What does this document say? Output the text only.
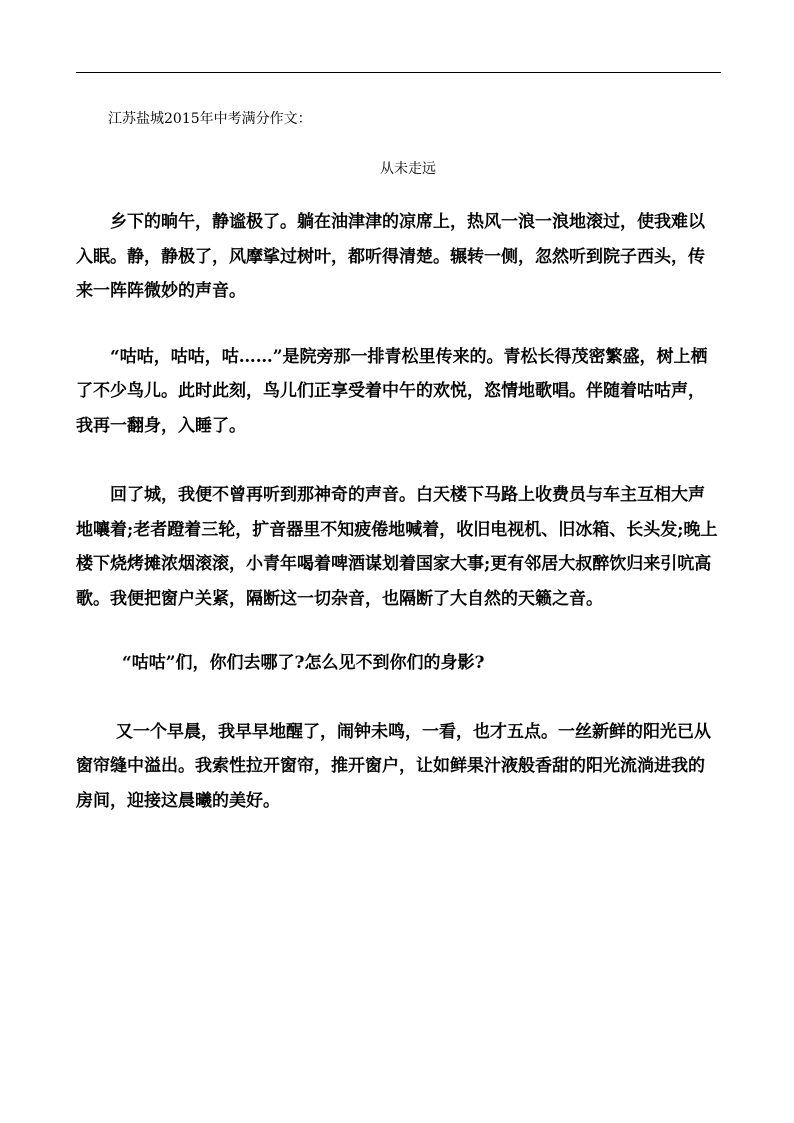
江苏盐城2015年中考满分作文：

从未走远

乡下的晌午，静谧极了。躺在油津津的凉席上，热风一浪一浪地滚过，使我难以入眠。静，静极了，风摩挲过树叶，都听得清楚。辗转一侧，忽然听到院子西头，传来一阵阵微妙的声音。

“咕咕，咕咕，咕……”是院旁那一排青松里传来的。青松长得茂密繁盛，树上栖了不少鸟儿。此时此刻，鸟儿们正享受着中午的欢悦，恣情地歌唱。伴随着咕咕声，我再一翻身，入睡了。

回了城，我便不曾再听到那神奇的声音。白天楼下马路上收费员与车主互相大声地嚷着;老者蹬着三轮，扩音器里不知疲倦地喊着，收旧电视机、旧冰箱、长头发;晚上楼下烧烤摊浓烟滚滚，小青年喝着啤酒谋划着国家大事;更有邻居大叔醉饮归来引吭高歌。我便把窗户关紧，隔断这一切杂音，也隔断了大自然的天籁之音。

“咕咕”们，你们去哪了?怎么见不到你们的身影?

又一个早晨，我早早地醒了，闹钟未鸣，一看，也才五点。一丝新鲜的阳光已从窗帘缝中溢出。我索性拉开窗帘，推开窗户，让如鲜果汁液般香甜的阳光流淌进我的房间，迎接这晨曦的美好。
